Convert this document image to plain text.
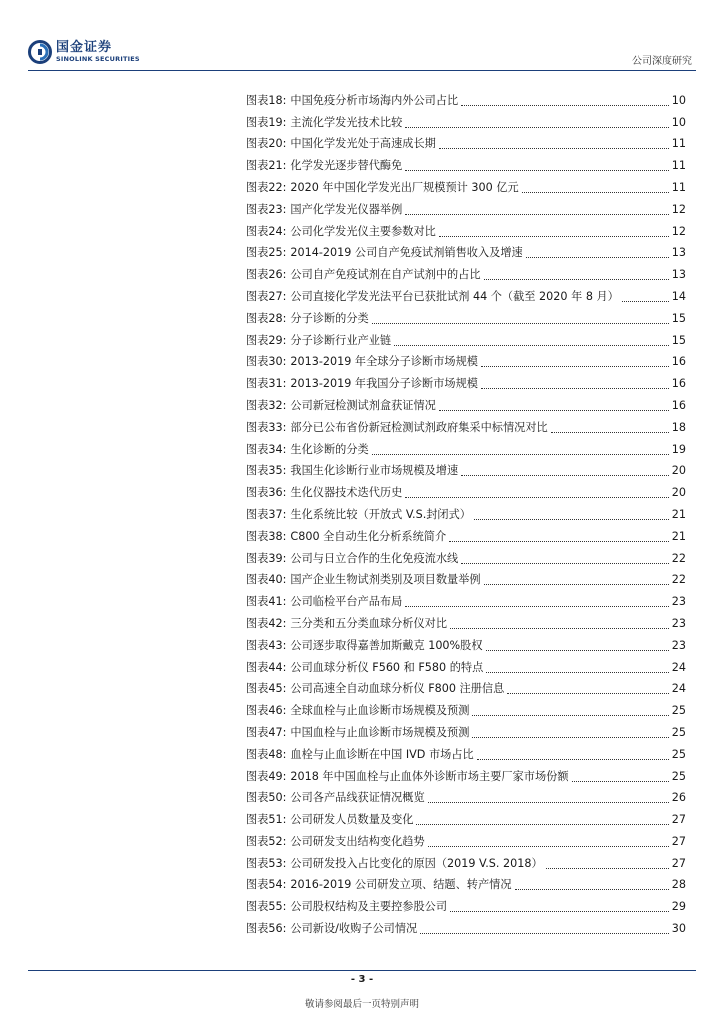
国金证券
SINOLINK SECURITIES	公司深度研究
图表18: 中国免疫分析市场海内外公司占比	10
图表19: 主流化学发光技术比较	10
图表20: 中国化学发光处于高速成长期	11
图表21: 化学发光逐步替代酶免	11
图表22: 2020 年中国化学发光出厂规模预计 300 亿元	11
图表23: 国产化学发光仪器举例	12
图表24: 公司化学发光仪主要参数对比	12
图表25: 2014-2019 公司自产免疫试剂销售收入及增速	13
图表26: 公司自产免疫试剂在自产试剂中的占比	13
图表27: 公司直接化学发光法平台已获批试剂 44 个（截至 2020 年 8 月）	14
图表28: 分子诊断的分类	15
图表29: 分子诊断行业产业链	15
图表30: 2013-2019 年全球分子诊断市场规模	16
图表31: 2013-2019 年我国分子诊断市场规模	16
图表32: 公司新冠检测试剂盒获证情况	16
图表33: 部分已公布省份新冠检测试剂政府集采中标情况对比	18
图表34: 生化诊断的分类	19
图表35: 我国生化诊断行业市场规模及增速	20
图表36: 生化仪器技术迭代历史	20
图表37: 生化系统比较（开放式 V.S.封闭式）	21
图表38: C800 全自动生化分析系统简介	21
图表39: 公司与日立合作的生化免疫流水线	22
图表40: 国产企业生物试剂类别及项目数量举例	22
图表41: 公司临检平台产品布局	23
图表42: 三分类和五分类血球分析仪对比	23
图表43: 公司逐步取得嘉善加斯戴克 100%股权	23
图表44: 公司血球分析仪 F560 和 F580 的特点	24
图表45: 公司高速全自动血球分析仪 F800 注册信息	24
图表46: 全球血栓与止血诊断市场规模及预测	25
图表47: 中国血栓与止血诊断市场规模及预测	25
图表48: 血栓与止血诊断在中国 IVD 市场占比	25
图表49: 2018 年中国血栓与止血体外诊断市场主要厂家市场份额	25
图表50: 公司各产品线获证情况概览	26
图表51: 公司研发人员数量及变化	27
图表52: 公司研发支出结构变化趋势	27
图表53: 公司研发投入占比变化的原因（2019 V.S. 2018）	27
图表54: 2016-2019 公司研发立项、结题、转产情况	28
图表55: 公司股权结构及主要控参股公司	29
图表56: 公司新设/收购子公司情况	30
- 3 -
敬请参阅最后一页特别声明
